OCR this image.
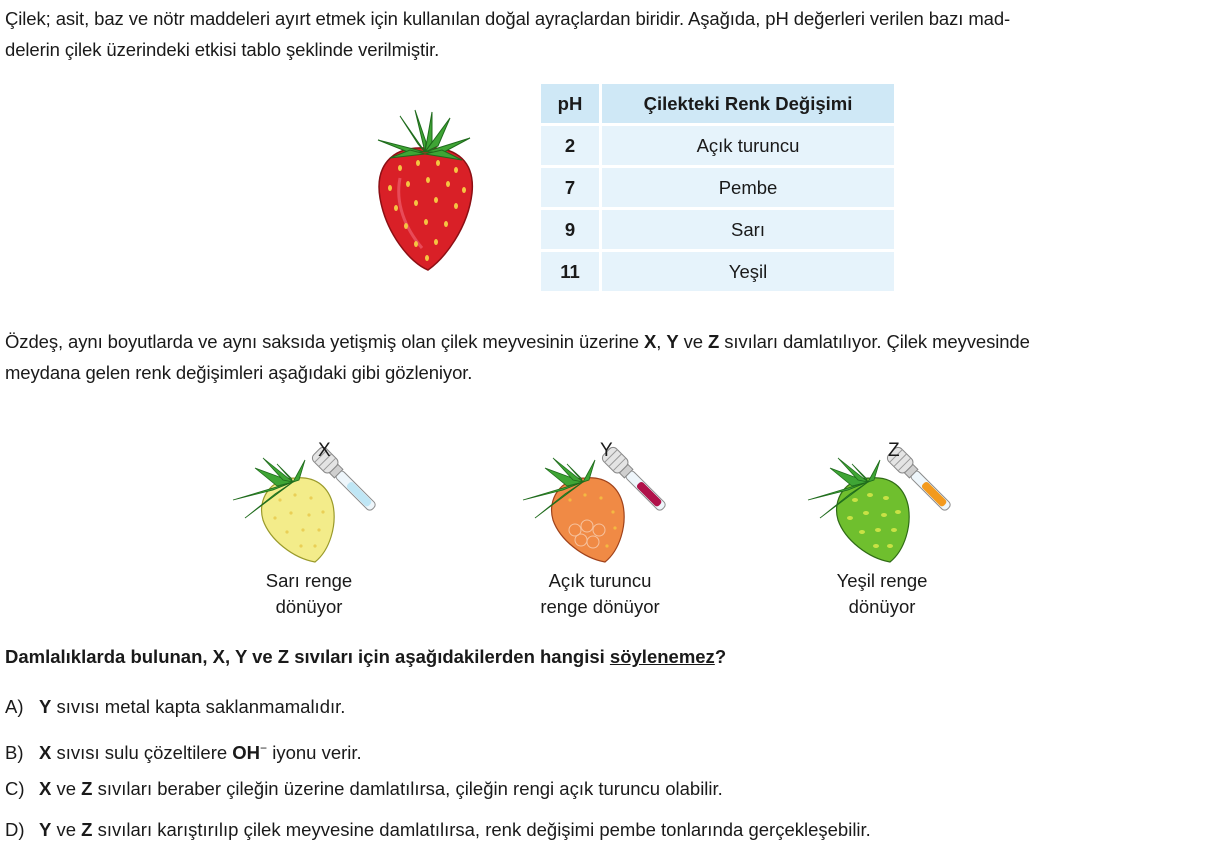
Çilek; asit, baz ve nötr maddeleri ayırt etmek için kullanılan doğal ayraçlardan biridir. Aşağıda, pH değerleri verilen bazı mad-
delerin çilek üzerindeki etkisi tablo şeklinde verilmiştir.
pH	Çilekteki Renk Değişimi
2	Açık turuncu
7	Pembe
9	Sarı
11	Yeşil
Özdeş, aynı boyutlarda ve aynı saksıda yetişmiş olan çilek meyvesinin üzerine X, Y ve Z sıvıları damlatılıyor. Çilek meyvesinde
meydana gelen renk değişimleri aşağıdaki gibi gözleniyor.
X
Sarı renge
dönüyor
Y
Açık turuncu
renge dönüyor
Z
Yeşil renge
dönüyor
Damlalıklarda bulunan, X, Y ve Z sıvıları için aşağıdakilerden hangisi söylenemez?
A) Y sıvısı metal kapta saklanmamalıdır.
B) X sıvısı sulu çözeltilere OH− iyonu verir.
C) X ve Z sıvıları beraber çileğin üzerine damlatılırsa, çileğin rengi açık turuncu olabilir.
D) Y ve Z sıvıları karıştırılıp çilek meyvesine damlatılırsa, renk değişimi pembe tonlarında gerçekleşebilir.
